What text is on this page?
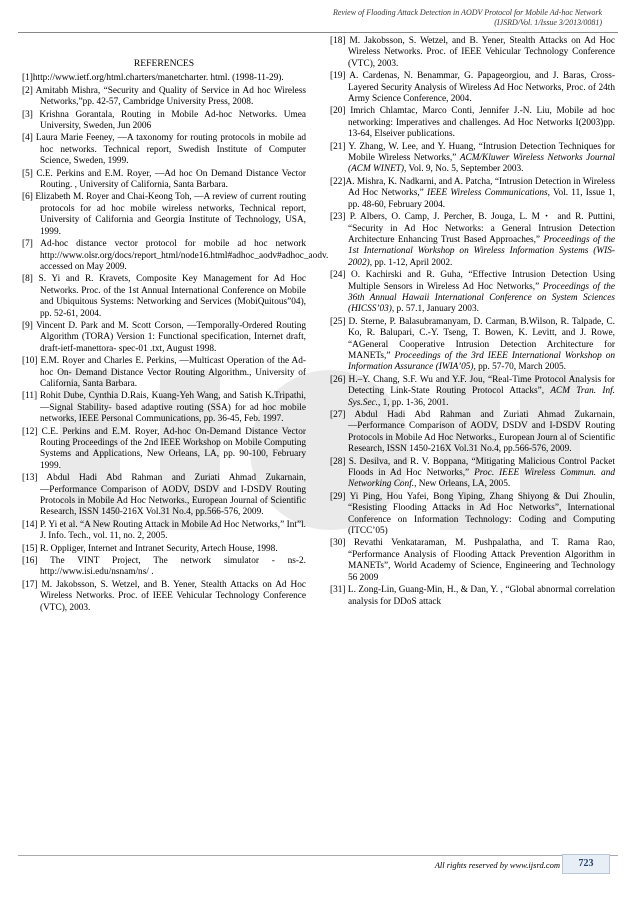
Review of Flooding Attack Detection in AODV Protocol for Mobile Ad-hoc Network
(IJSRD/Vol. 1/Issue 3/2013/0081)
REFERENCES
[1]http://www.ietf.org/html.charters/manetcharter. html. (1998-11-29).
[2] Amitabh Mishra, “Security and Quality of Service in Ad hoc Wireless Networks,”pp. 42-57, Cambridge University Press, 2008.
[3] Krishna Gorantala, Routing in Mobile Ad-hoc Networks. Umea University, Sweden, Jun 2006
[4] Laura Marie Feeney, ―A taxonomy for routing protocols in mobile ad hoc networks. Technical report, Swedish Institute of Computer Science, Sweden, 1999.
[5] C.E. Perkins and E.M. Royer, ―Ad hoc On Demand Distance Vector Routing. , University of California, Santa Barbara.
[6] Elizabeth M. Royer and Chai-Keong Toh, ―A review of current routing protocols for ad hoc mobile wireless networks, Technical report, University of California and Georgia Institute of Technology, USA, 1999.
[7] Ad-hoc distance vector protocol for mobile ad hoc network http://www.olsr.org/docs/report_html/node16.html#adhoc_aodv#adhoc_aodv. accessed on May 2009.
[8] S. Yi and R. Kravets, Composite Key Management for Ad Hoc Networks. Proc. of the 1st Annual International Conference on Mobile and Ubiquitous Systems: Networking and Services (MobiQuitous”04), pp. 52-61, 2004.
[9] Vincent D. Park and M. Scott Corson, ―Temporally-Ordered Routing Algorithm (TORA) Version 1: Functional specification, Internet draft, draft-ietf-manettora- spec-01 .txt, August 1998.
[10] E.M. Royer and Charles E. Perkins, ―Multicast Operation of the Ad-hoc On- Demand Distance Vector Routing Algorithm., University of California, Santa Barbara.
[11] Rohit Dube, Cynthia D.Rais, Kuang-Yeh Wang, and Satish K.Tripathi, ―Signal Stability- based adaptive routing (SSA) for ad hoc mobile networks, IEEE Personal Communications, pp. 36-45, Feb. 1997.
[12] C.E. Perkins and E.M. Royer, Ad-hoc On-Demand Distance Vector Routing Proceedings of the 2nd IEEE Workshop on Mobile Computing Systems and Applications, New Orleans, LA, pp. 90-100, February 1999.
[13] Abdul Hadi Abd Rahman and Zuriati Ahmad Zukarnain, ―Performance Comparison of AODV, DSDV and I-DSDV Routing Protocols in Mobile Ad Hoc Networks., European Journal of Scientific Research, ISSN 1450-216X Vol.31 No.4, pp.566-576, 2009.
[14] P. Yi et al. “A New Routing Attack in Mobile Ad Hoc Networks,” Int”l. J. Info. Tech., vol. 11, no. 2, 2005.
[15] R. Oppliger, Internet and Intranet Security, Artech House, 1998.
[16] The VINT Project, The network simulator - ns-2. http://www.isi.edu/nsnam/ns/ .
[17] M. Jakobsson, S. Wetzel, and B. Yener, Stealth Attacks on Ad Hoc Wireless Networks. Proc. of IEEE Vehicular Technology Conference (VTC), 2003.
[18] M. Jakobsson, S. Wetzel, and B. Yener, Stealth Attacks on Ad Hoc Wireless Networks. Proc. of IEEE Vehicular Technology Conference (VTC), 2003.
[19] A. Cardenas, N. Benammar, G. Papageorgiou, and J. Baras, Cross-Layered Security Analysis of Wireless Ad Hoc Networks, Proc. of 24th Army Science Conference, 2004.
[20] Imrich Chlamtac, Marco Conti, Jennifer J.-N. Liu, Mobile ad hoc networking: Imperatives and challenges. Ad Hoc Networks I(2003)pp. 13-64, Elseiver publications.
[21] Y. Zhang, W. Lee, and Y. Huang, “Intrusion Detection Techniques for Mobile Wireless Networks,” ACM/Kluwer Wireless Networks Journal (ACM WINET), Vol. 9, No. 5, September 2003.
[22]A. Mishra, K. Nadkarni, and A. Patcha, “Intrusion Detection in Wireless Ad Hoc Networks,” IEEE Wireless Communications, Vol. 11, Issue 1, pp. 48-60, February 2004.
[23] P. Albers, O. Camp, J. Percher, B. Jouga, L. M・ and R. Puttini, “Security in Ad Hoc Networks: a General Intrusion Detection Architecture Enhancing Trust Based Approaches,” Proceedings of the 1st International Workshop on Wireless Information Systems (WIS-2002), pp. 1-12, April 2002.
[24] O. Kachirski and R. Guha, “Effective Intrusion Detection Using Multiple Sensors in Wireless Ad Hoc Networks,” Proceedings of the 36th Annual Hawaii International Conference on System Sciences (HICSS’03), p. 57.1, January 2003.
[25] D. Sterne, P. Balasubramanyam, D. Carman, B.Wilson, R. Talpade, C. Ko, R. Balupari, C.-Y. Tseng, T. Bowen, K. Levitt, and J. Rowe, “AGeneral Cooperative Intrusion Detection Architecture for MANETs,” Proceedings of the 3rd IEEE International Workshop on Information Assurance (IWIA’05), pp. 57-70, March 2005.
[26] H.–Y. Chang, S.F. Wu and Y.F. Jou, “Real-Time Protocol Analysis for Detecting Link-State Routing Protocol Attacks”, ACM Tran. Inf. Sys.Sec., 1, pp. 1-36, 2001.
[27] Abdul Hadi Abd Rahman and Zuriati Ahmad Zukarnain, ―Performance Comparison of AODV, DSDV and I-DSDV Routing Protocols in Mobile Ad Hoc Networks., European Journ al of Scientific Research, ISSN 1450-216X Vol.31 No.4, pp.566-576, 2009.
[28] S. Desilva, and R. V. Boppana, “Mitigating Malicious Control Packet Floods in Ad Hoc Networks,” Proc. IEEE Wireless Commun. and Networking Conf., New Orleans, LA, 2005.
[29] Yi Ping, Hou Yafei, Bong Yiping, Zhang Shiyong & Dui Zhoulin, “Resisting Flooding Attacks in Ad Hoc Networks”, International Conference on Information Technology: Coding and Computing (ITCC’05)
[30] Revathi Venkataraman, M. Pushpalatha, and T. Rama Rao, “Performance Analysis of Flooding Attack Prevention Algorithm in MANETs”, World Academy of Science, Engineering and Technology 56 2009
[31] L. Zong-Lin, Guang-Min, H., & Dan, Y. , “Global abnormal correlation analysis for DDoS attack
All rights reserved by www.ijsrd.com	723
